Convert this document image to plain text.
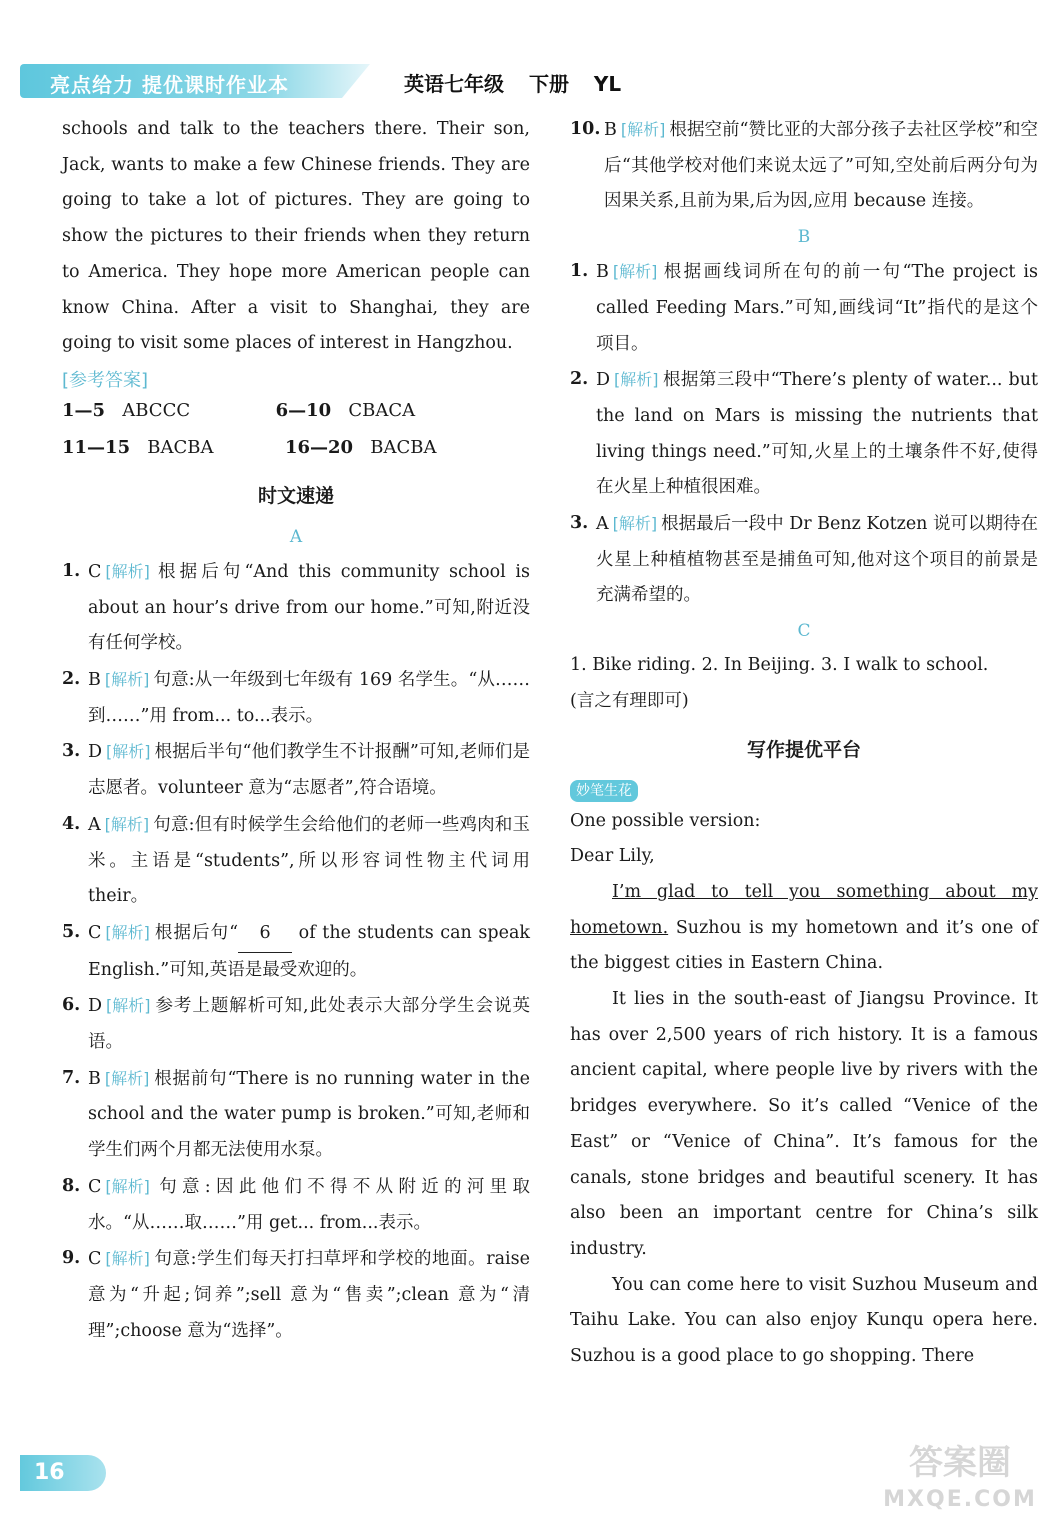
亮点给力 提优课时作业本	英语七年级 下册 YL

schools and talk to the teachers there. Their son, Jack, wants to make a few Chinese friends. They are going to take a lot of pictures. They are going to show the pictures to their friends when they return to America. They hope more American people can know China. After a visit to Shanghai, they are going to visit some places of interest in Hangzhou.

[参考答案]

1—5 ABCCC	6—10 CBACA

11—15 BACBA	16—20 BACBA

时文速递

A

1. C [解析] 根据后句“And this community school is about an hour’s drive from our home.”可知,附近没有任何学校。

2. B [解析] 句意:从一年级到七年级有 169 名学生。“从……到……”用 from... to...表示。

3. D [解析] 根据后半句“他们教学生不计报酬”可知,老师们是志愿者。volunteer 意为“志愿者”,符合语境。

4. A [解析] 句意:但有时候学生会给他们的老师一些鸡肉和玉米。主语是“students”,所以形容词性物主代词用 their。

5. C [解析] 根据后句“ 6 of the students can speak English.”可知,英语是最受欢迎的。

6. D [解析] 参考上题解析可知,此处表示大部分学生会说英语。

7. B [解析] 根据前句“There is no running water in the school and the water pump is broken.”可知,老师和学生们两个月都无法使用水泵。

8. C [解析] 句意:因此他们不得不从附近的河里取水。“从……取……”用 get... from...表示。

9. C [解析] 句意:学生们每天打扫草坪和学校的地面。raise 意为“升起;饲养”;sell 意为“售卖”;clean 意为“清理”;choose 意为“选择”。

10. B [解析] 根据空前“赞比亚的大部分孩子去社区学校”和空后“其他学校对他们来说太远了”可知,空处前后两分句为因果关系,且前为果,后为因,应用 because 连接。

B

1. B [解析] 根据画线词所在句的前一句“The project is called Feeding Mars.”可知,画线词“It”指代的是这个项目。

2. D [解析] 根据第三段中“There’s plenty of water... but the land on Mars is missing the nutrients that living things need.”可知,火星上的土壤条件不好,使得在火星上种植很困难。

3. A [解析] 根据最后一段中 Dr Benz Kotzen 说可以期待在火星上种植植物甚至是捕鱼可知,他对这个项目的前景是充满希望的。

C

1. Bike riding. 2. In Beijing. 3. I walk to school.

(言之有理即可)

写作提优平台
妙笔生花

One possible version:

Dear Lily,

I’m glad to tell you something about my hometown. Suzhou is my hometown and it’s one of the biggest cities in Eastern China.

It lies in the south-east of Jiangsu Province. It has over 2,500 years of rich history. It is a famous ancient capital, where people live by rivers with the bridges everywhere. So it’s called “Venice of the East” or “Venice of China”. It’s famous for the canals, stone bridges and beautiful scenery. It has also been an important centre for China’s silk industry.

You can come here to visit Suzhou Museum and Taihu Lake. You can also enjoy Kunqu opera here. Suzhou is a good place to go shopping. There

16	答案圈
MXQE.COM
